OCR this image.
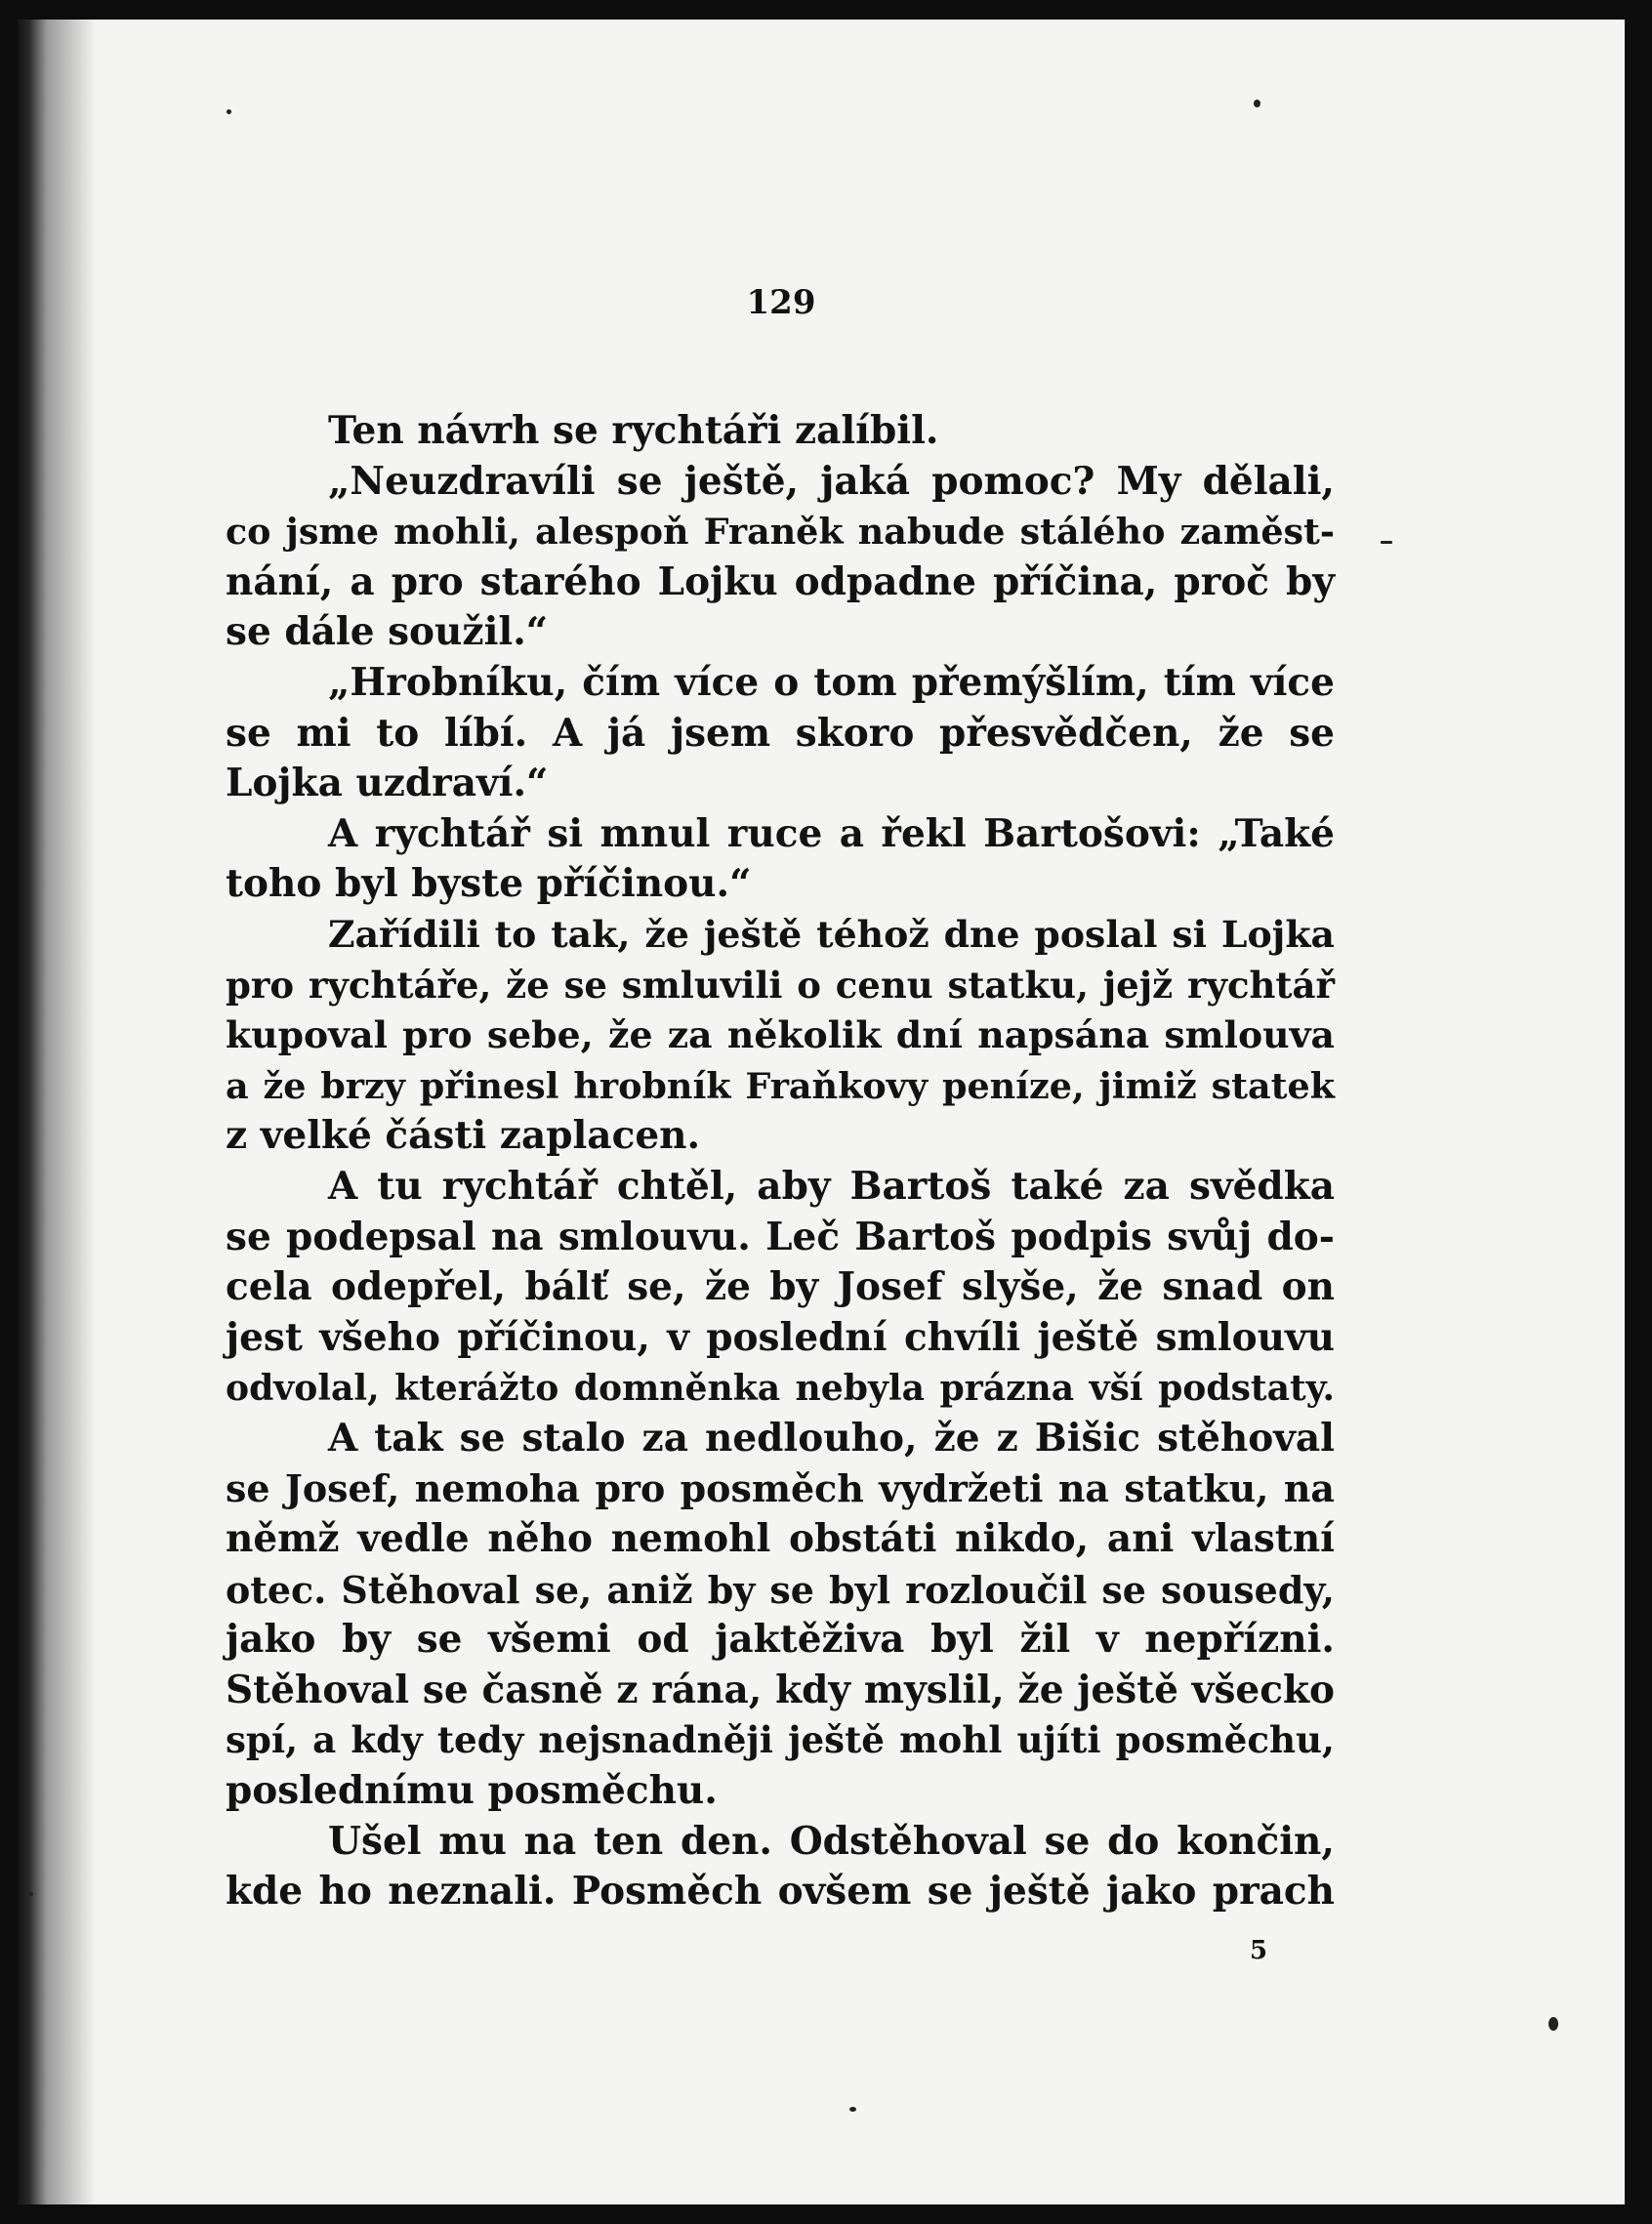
129
Ten návrh se rychtáři zalíbil.
„Neuzdravíli se ještě, jaká pomoc? My dělali,
co jsme mohli, alespoň Franěk nabude stálého zaměst-
nání, a pro starého Lojku odpadne příčina, proč by
se dále soužil.“
„Hrobníku, čím více o tom přemýšlím, tím více
se mi to líbí. A já jsem skoro přesvědčen, že se
Lojka uzdraví.“
A rychtář si mnul ruce a řekl Bartošovi: „Také
toho byl byste příčinou.“
Zařídili to tak, že ještě téhož dne poslal si Lojka
pro rychtáře, že se smluvili o cenu statku, jejž rychtář
kupoval pro sebe, že za několik dní napsána smlouva
a že brzy přinesl hrobník Fraňkovy peníze, jimiž statek
z velké části zaplacen.
A tu rychtář chtěl, aby Bartoš také za svědka
se podepsal na smlouvu. Leč Bartoš podpis svůj do-
cela odepřel, bálť se, že by Josef slyše, že snad on
jest všeho příčinou, v poslední chvíli ještě smlouvu
odvolal, kterážto domněnka nebyla prázna vší podstaty.
A tak se stalo za nedlouho, že z Bišic stěhoval
se Josef, nemoha pro posměch vydržeti na statku, na
němž vedle něho nemohl obstáti nikdo, ani vlastní
otec. Stěhoval se, aniž by se byl rozloučil se sousedy,
jako by se všemi od jaktěživa byl žil v nepřízni.
Stěhoval se časně z rána, kdy myslil, že ještě všecko
spí, a kdy tedy nejsnadněji ještě mohl ujíti posměchu,
poslednímu posměchu.
Ušel mu na ten den. Odstěhoval se do končin,
kde ho neznali. Posměch ovšem se ještě jako prach
5
